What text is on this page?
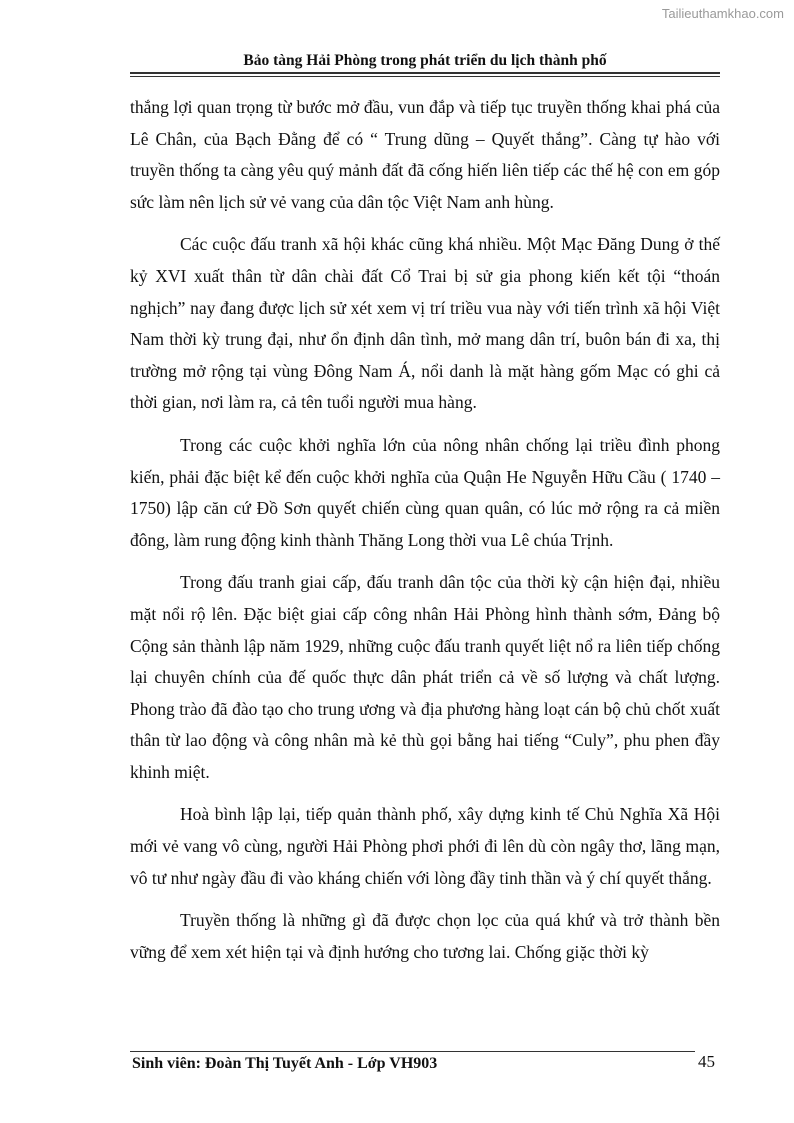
Tailieuthamkhao.com
Bảo tàng Hải Phòng trong phát triển du lịch thành phố

thắng lợi quan trọng từ bước mở đầu, vun đắp và tiếp tục truyền thống khai phá của Lê Chân, của Bạch Đằng để có “ Trung dũng – Quyết thắng”. Càng tự hào với truyền thống ta càng yêu quý mảnh đất đã cống hiến liên tiếp các thế hệ con em góp sức làm nên lịch sử vẻ vang của dân tộc Việt Nam anh hùng.

Các cuộc đấu tranh xã hội khác cũng khá nhiều. Một Mạc Đăng Dung ở thế kỷ XVI xuất thân từ dân chài đất Cổ Trai bị sử gia phong kiến kết tội “thoán nghịch” nay đang được lịch sử xét xem vị trí triều vua này với tiến trình xã hội Việt Nam thời kỳ trung đại, như ổn định dân tình, mở mang dân trí, buôn bán đi xa, thị trường mở rộng tại vùng Đông Nam Á, nổi danh là mặt hàng gốm Mạc có ghi cả thời gian, nơi làm ra, cả tên tuổi người mua hàng.

Trong các cuộc khởi nghĩa lớn của nông nhân chống lại triều đình phong kiến, phải đặc biệt kể đến cuộc khởi nghĩa của Quận He Nguyễn Hữu Cầu ( 1740 – 1750) lập căn cứ Đồ Sơn quyết chiến cùng quan quân, có lúc mở rộng ra cả miền đông, làm rung động kinh thành Thăng Long thời vua Lê chúa Trịnh.

Trong đấu tranh giai cấp, đấu tranh dân tộc của thời kỳ cận hiện đại, nhiều mặt nổi rộ lên. Đặc biệt giai cấp công nhân Hải Phòng hình thành sớm, Đảng bộ Cộng sản thành lập năm 1929, những cuộc đấu tranh quyết liệt nổ ra liên tiếp chống lại chuyên chính của đế quốc thực dân phát triển cả về số lượng và chất lượng. Phong trào đã đào tạo cho trung ương và địa phương hàng loạt cán bộ chủ chốt xuất thân từ lao động và công nhân mà kẻ thù gọi bằng hai tiếng “Culy”, phu phen đầy khinh miệt.

Hoà bình lập lại, tiếp quản thành phố, xây dựng kinh tế Chủ Nghĩa Xã Hội mới vẻ vang vô cùng, người Hải Phòng phơi phới đi lên dù còn ngây thơ, lãng mạn, vô tư như ngày đầu đi vào kháng chiến với lòng đầy tinh thần và ý chí quyết thắng.

Truyền thống là những gì đã được chọn lọc của quá khứ và trở thành bền vững để xem xét hiện tại và định hướng cho tương lai. Chống giặc thời kỳ

Sinh viên: Đoàn Thị Tuyết Anh - Lớp VH903	45
